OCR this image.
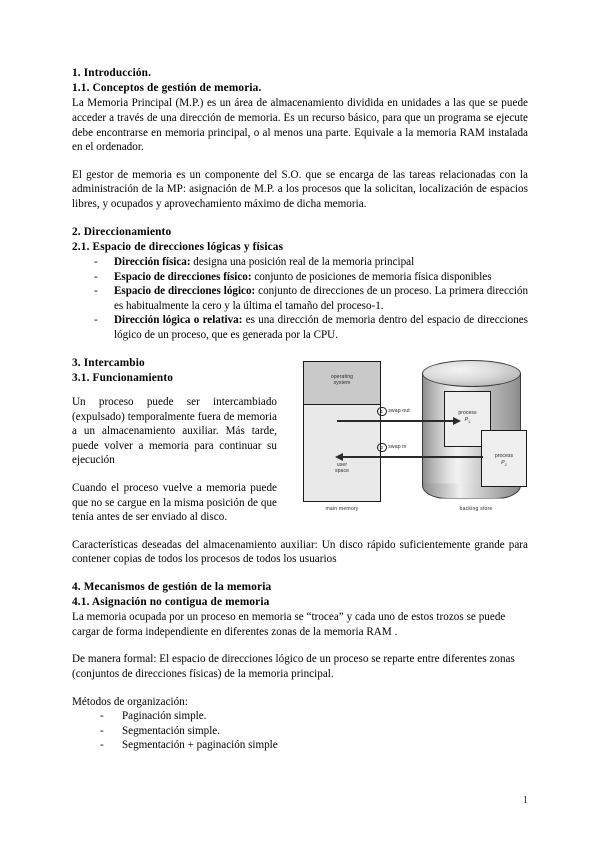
1. Introducción.
1.1. Conceptos de gestión de memoria.

La Memoria Principal (M.P.) es un área de almacenamiento dividida en unidades a las que se puede acceder a través de una dirección de memoria. Es un recurso básico, para que un programa se ejecute debe encontrarse en memoria principal, o al menos una parte. Equivale a la memoria RAM instalada en el ordenador.

El gestor de memoria es un componente del S.O. que se encarga de las tareas relacionadas con la administración de la MP: asignación de M.P. a los procesos que la solicitan, localización de espacios libres, y ocupados y aprovechamiento máximo de dicha memoria.

2. Direccionamiento
2.1. Espacio de direcciones lógicas y físicas
- Dirección física: designa una posición real de la memoria principal
- Espacio de direcciones físico: conjunto de posiciones de memoria física disponibles
- Espacio de direcciones lógico: conjunto de direcciones de un proceso. La primera dirección es habitualmente la cero y la última el tamaño del proceso-1.
- Dirección lógica o relativa: es una dirección de memoria dentro del espacio de direcciones lógico de un proceso, que es generada por la CPU.
operating
system
user
space
process
$P_1$
process
$P_2$
1 swap out
2 swap in
main memory	backing store
3. Intercambio
3.1. Funcionamiento

Un proceso puede ser intercambiado (expulsado) temporalmente fuera de memoria a un almacenamiento auxiliar. Más tarde, puede volver a memoria para continuar su ejecución

Cuando el proceso vuelve a memoria puede que no se cargue en la misma posición de que tenía antes de ser enviado al disco.

Características deseadas del almacenamiento auxiliar: Un disco rápido suficientemente grande para contener copias de todos los procesos de todos los usuarios

4. Mecanismos de gestión de la memoria
4.1. Asignación no contigua de memoria

La memoria ocupada por un proceso en memoria se “trocea” y cada uno de estos trozos se puede cargar de forma independiente en diferentes zonas de la memoria RAM .

De manera formal: El espacio de direcciones lógico de un proceso se reparte entre diferentes zonas (conjuntos de direcciones físicas) de la memoria principal.

Métodos de organización:

- Paginación simple.
- Segmentación simple.
- Segmentación + paginación simple
1
